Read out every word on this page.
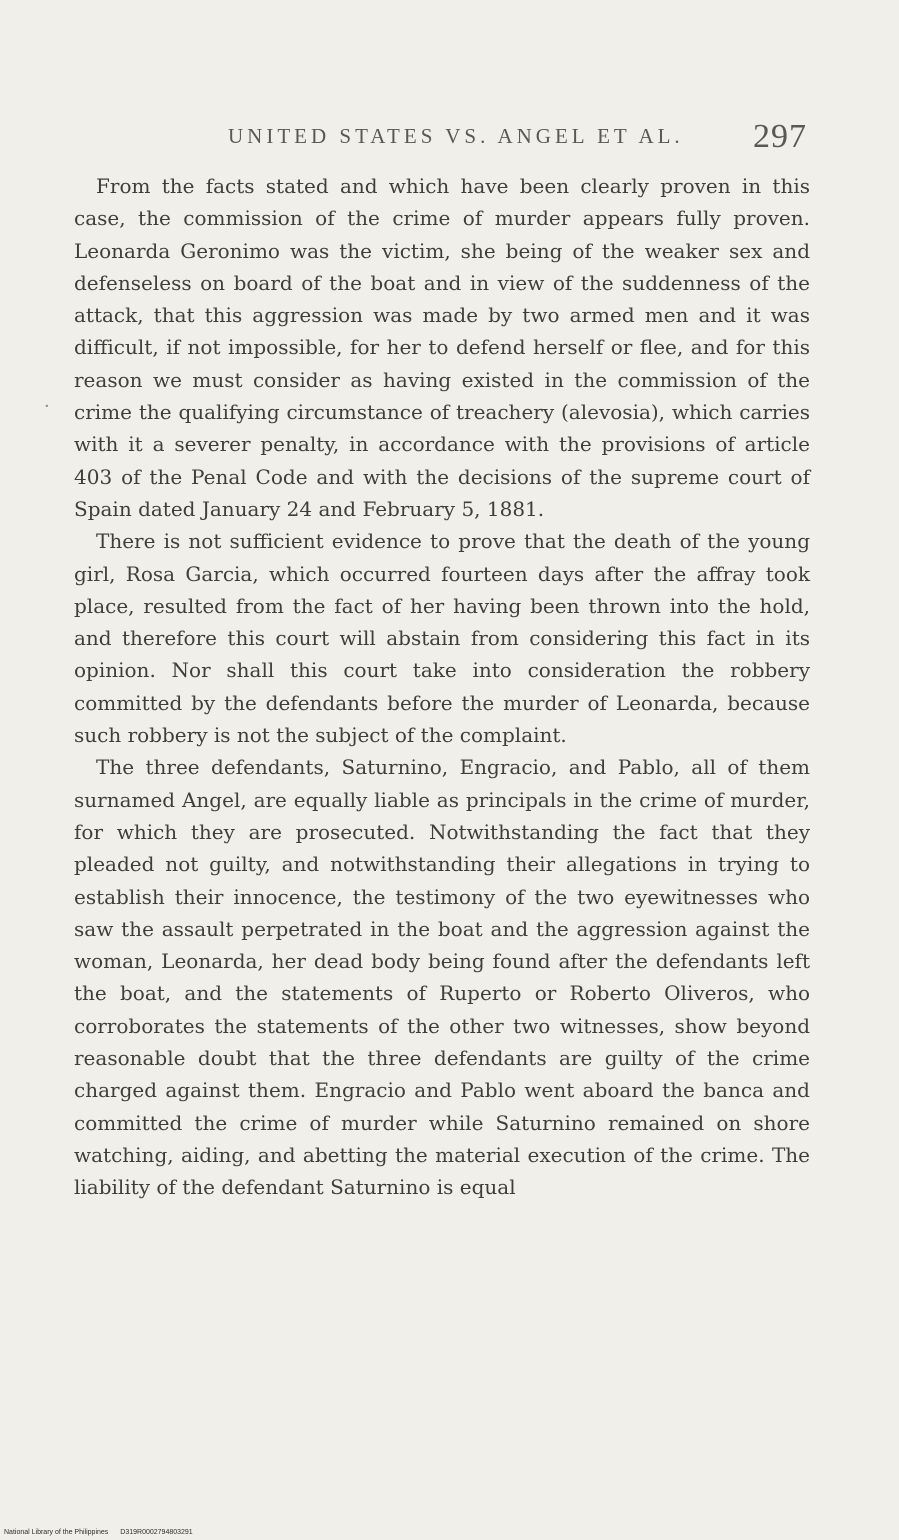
UNITED STATES VS. ANGEL ET AL. 297
·

From the facts stated and which have been clearly proven in this case, the commission of the crime of murder appears fully proven. Leonarda Geronimo was the victim, she being of the weaker sex and defenseless on board of the boat and in view of the suddenness of the attack, that this aggression was made by two armed men and it was difficult, if not impossible, for her to defend herself or flee, and for this reason we must consider as having existed in the commission of the crime the qualifying circumstance of treachery (alevosia), which carries with it a severer penalty, in accordance with the provisions of article 403 of the Penal Code and with the decisions of the supreme court of Spain dated January 24 and February 5, 1881.

There is not sufficient evidence to prove that the death of the young girl, Rosa Garcia, which occurred fourteen days after the affray took place, resulted from the fact of her having been thrown into the hold, and therefore this court will abstain from considering this fact in its opinion. Nor shall this court take into consideration the robbery committed by the defendants before the murder of Leonarda, because such robbery is not the subject of the complaint.

The three defendants, Saturnino, Engracio, and Pablo, all of them surnamed Angel, are equally liable as principals in the crime of murder, for which they are prosecuted. Notwithstanding the fact that they pleaded not guilty, and notwithstanding their allegations in trying to establish their innocence, the testimony of the two eyewitnesses who saw the assault perpetrated in the boat and the aggression against the woman, Leonarda, her dead body being found after the defendants left the boat, and the statements of Ruperto or Roberto Oliveros, who corroborates the statements of the other two witnesses, show beyond reasonable doubt that the three defendants are guilty of the crime charged against them. Engracio and Pablo went aboard the banca and committed the crime of murder while Saturnino remained on shore watching, aiding, and abetting the material execution of the crime. The liability of the defendant Saturnino is equal

National Library of the Philippines D319R0002794803291
